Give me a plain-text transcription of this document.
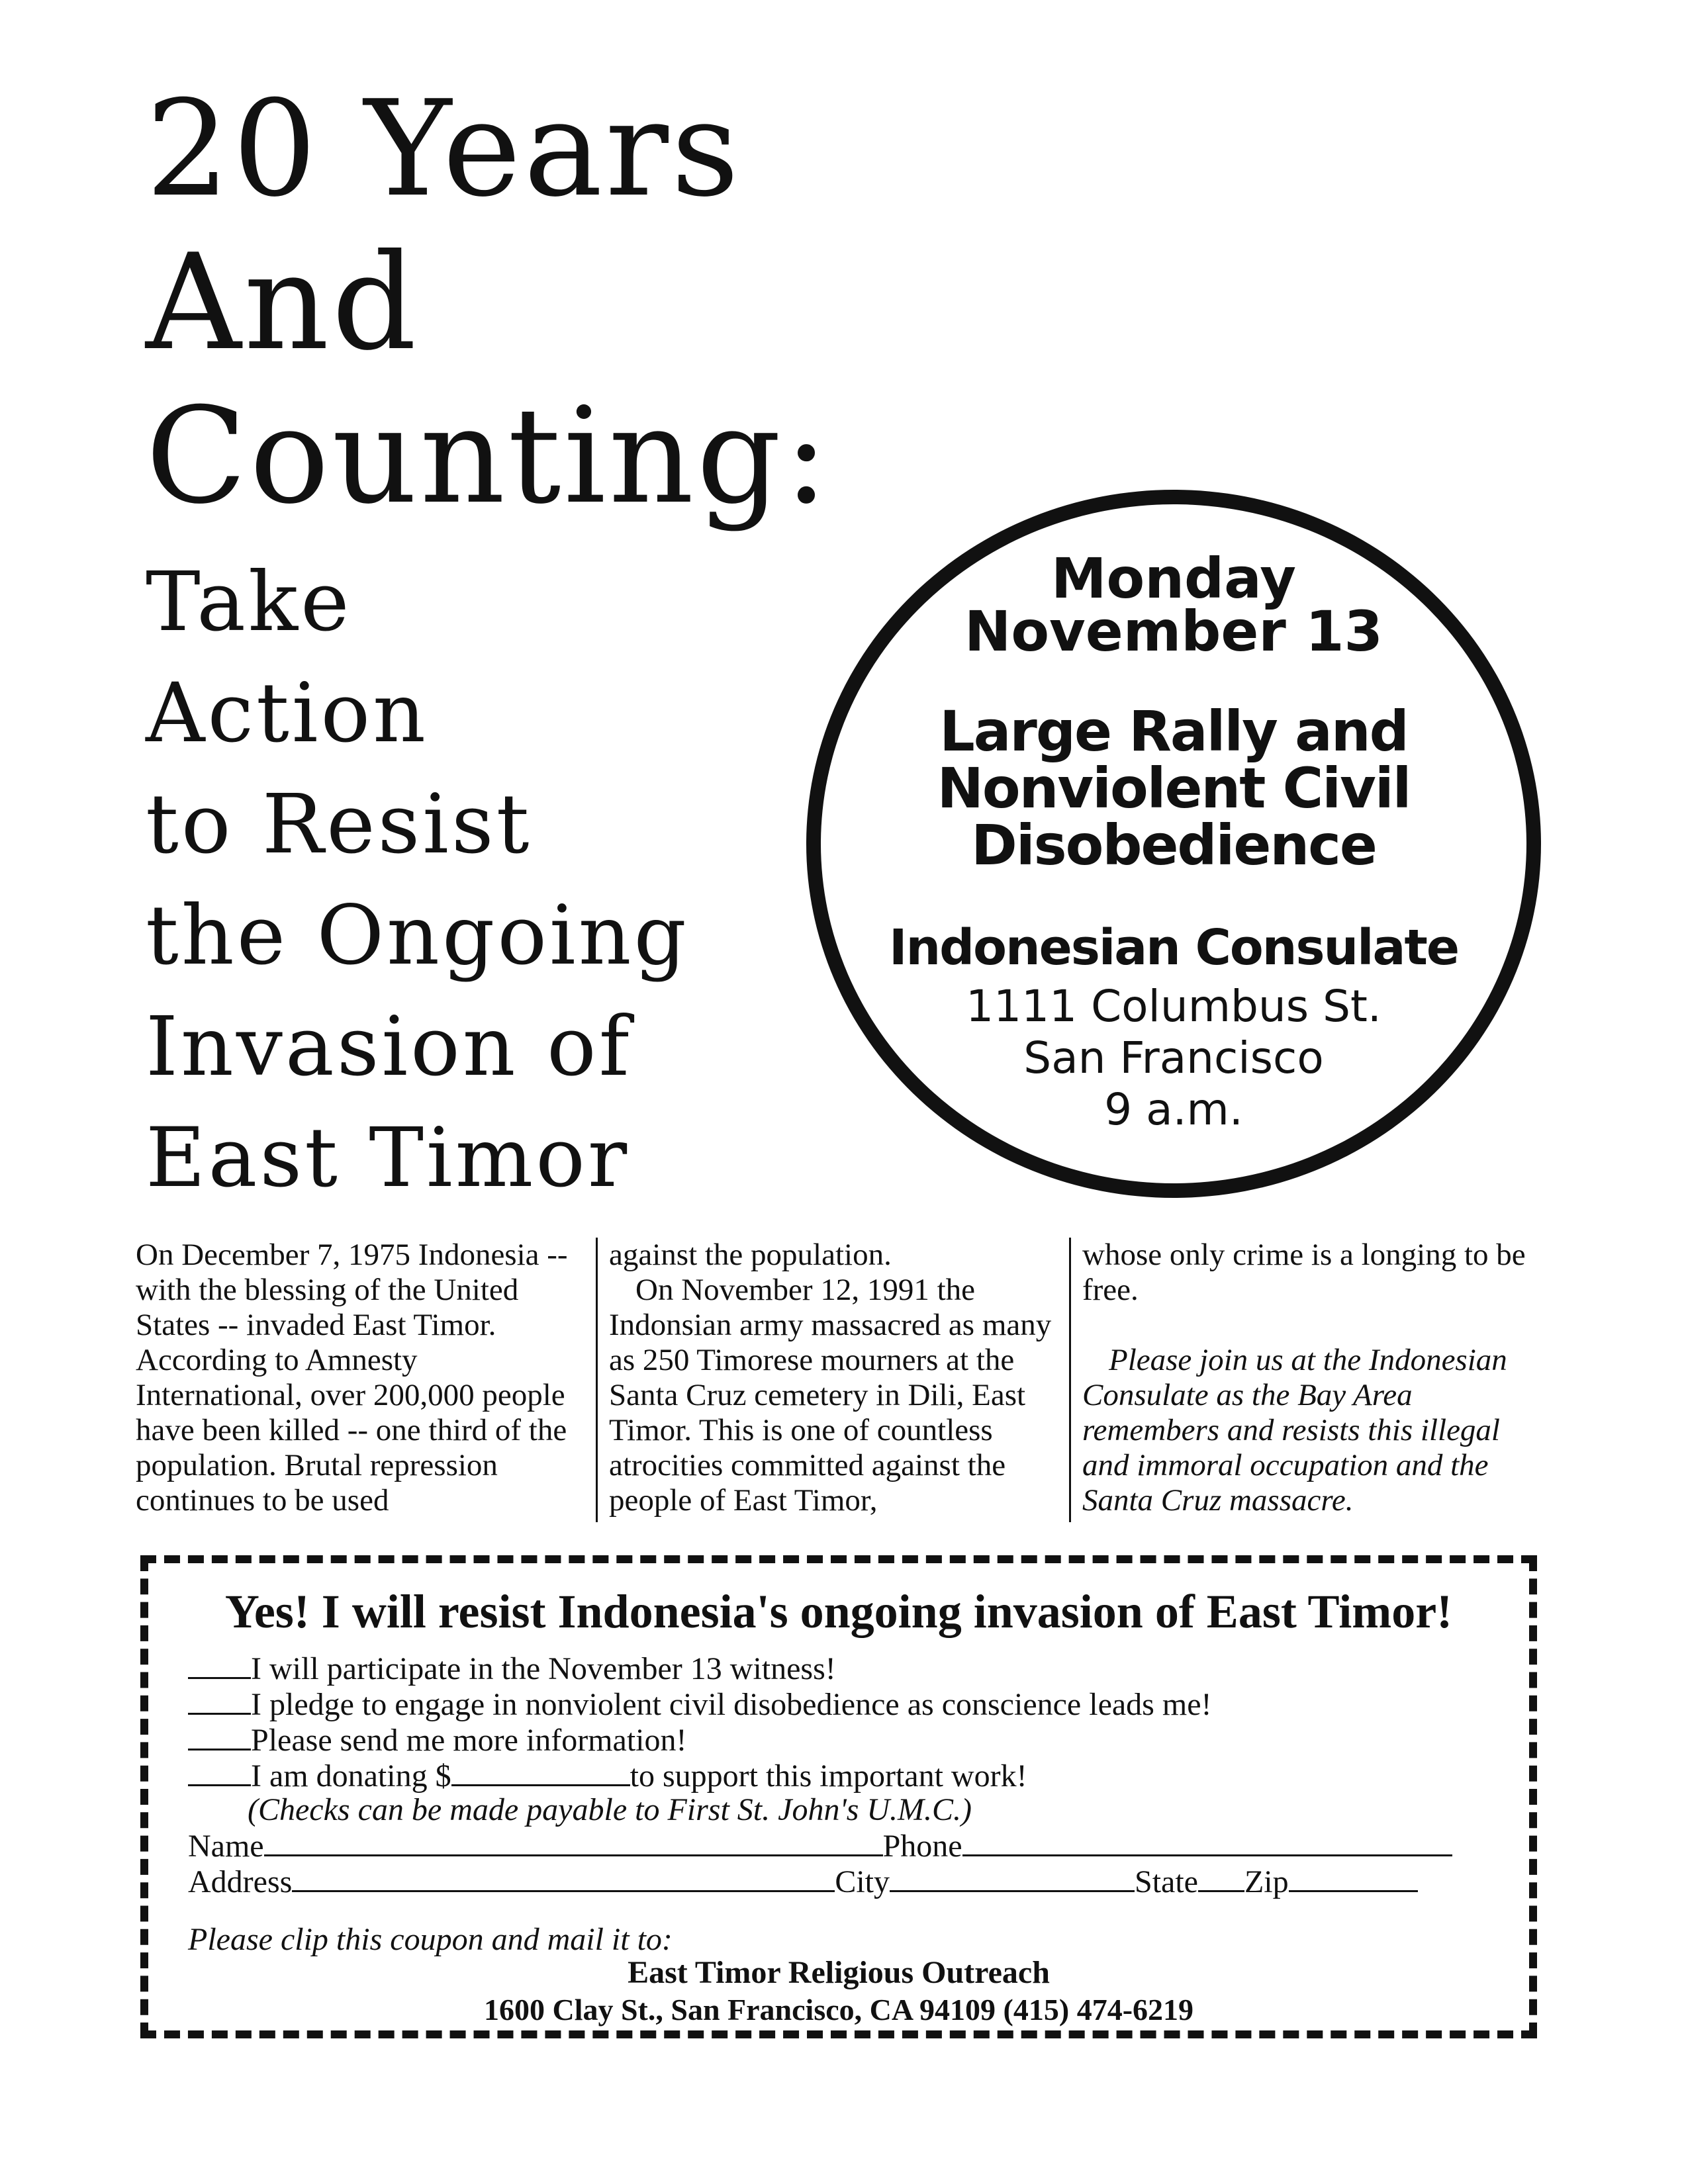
20 Years
And
Counting:
Take
Action
to Resist
the Ongoing
Invasion of
East Timor
Monday
November 13
Large Rally and Nonviolent Civil Disobedience
Indonesian Consulate
1111 Columbus St.
San Francisco
9 a.m.

On December 7, 1975 Indonesia -- with the blessing of the United States -- invaded East Timor. According to Amnesty International, over 200,000 people have been killed -- one third of the population. Brutal repression continues to be used

against the population.

On November 12, 1991 the Indonsian army massacred as many as 250 Timorese mourners at the Santa Cruz cemetery in Dili, East Timor. This is one of countless atrocities committed against the people of East Timor,

whose only crime is a longing to be free.

Please join us at the Indonesian Consulate as the Bay Area remembers and resists this illegal and immoral occupation and the Santa Cruz massacre.

Yes! I will resist Indonesia's ongoing invasion of East Timor!
I will participate in the November 13 witness!
I pledge to engage in nonviolent civil disobedience as conscience leads me!
Please send me more information!
I am donating $	to support this important work!
(Checks can be made payable to First St. John's U.M.C.)
Name	Phone
Address	City	State Zip
Please clip this coupon and mail it to:
East Timor Religious Outreach
1600 Clay St., San Francisco, CA 94109 (415) 474-6219
